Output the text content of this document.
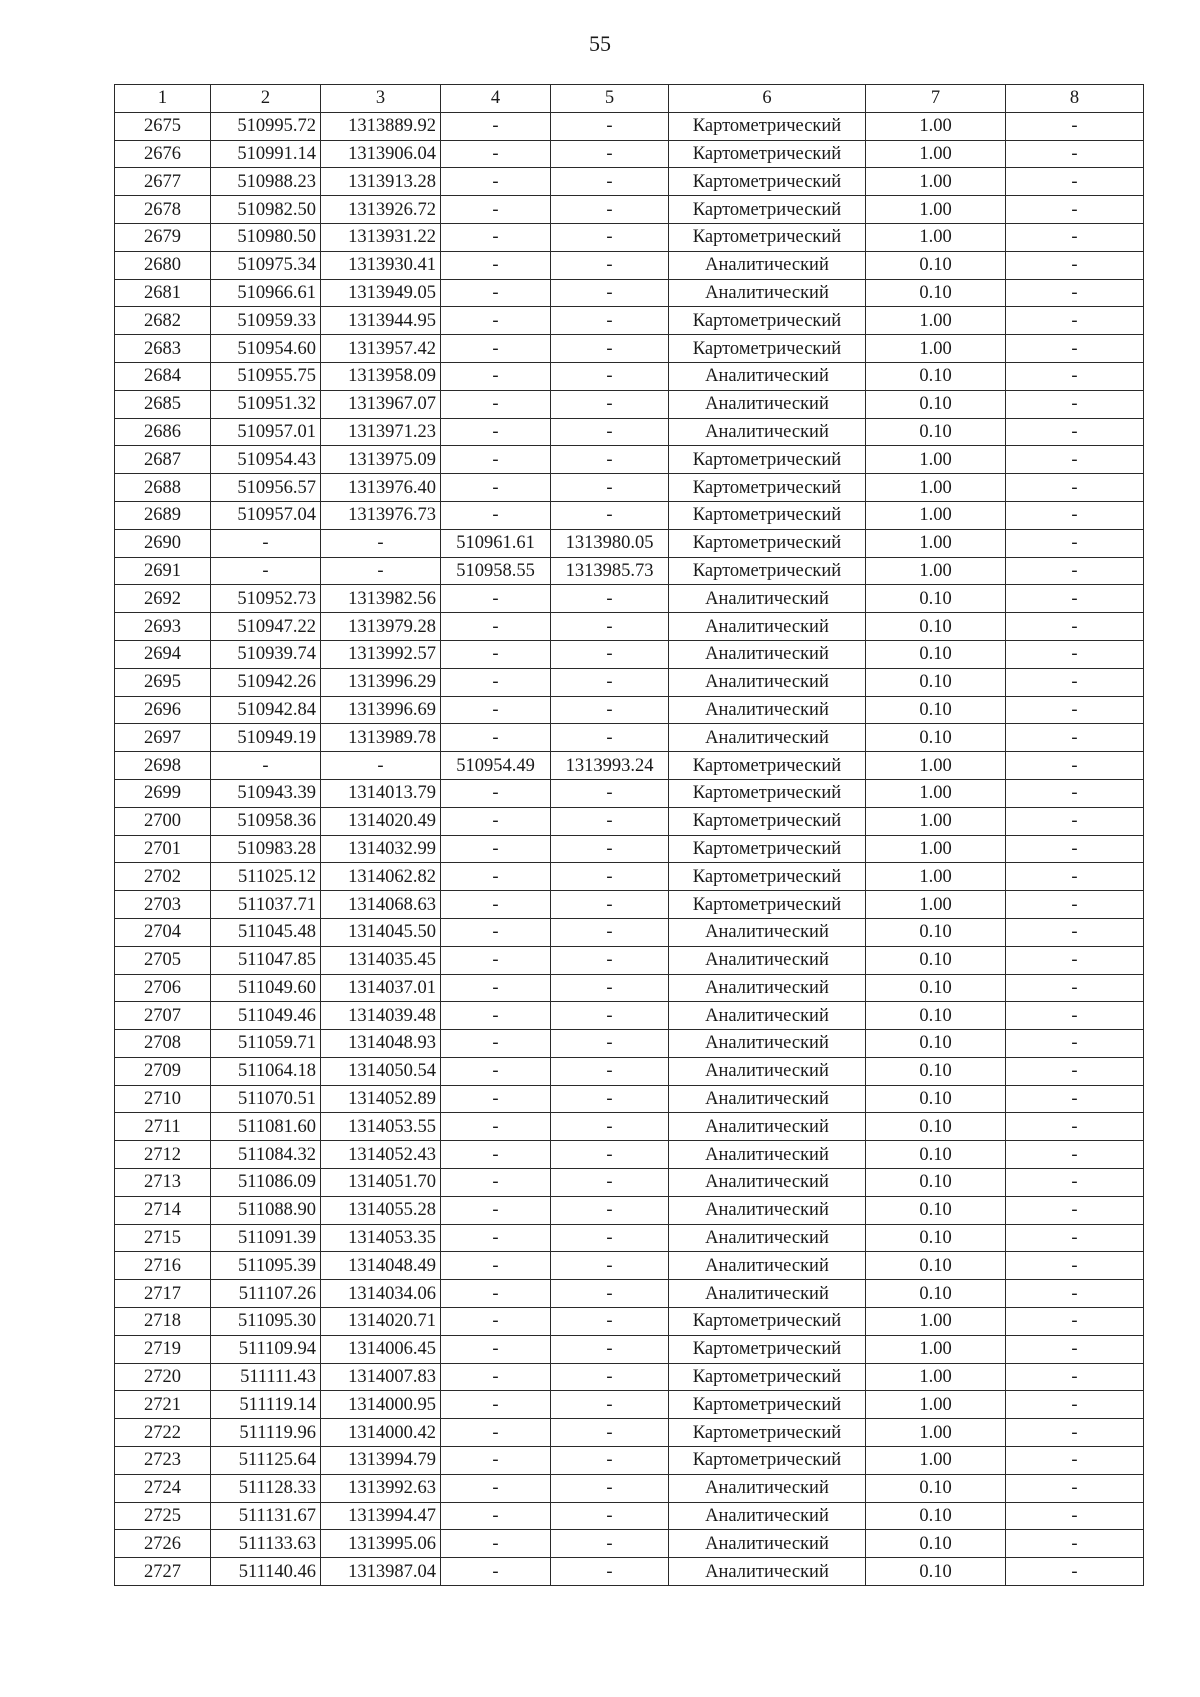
55
1	2	3	4	5	6	7	8
2675	510995.72	1313889.92	-	-	Картометрический	1.00	-
2676	510991.14	1313906.04	-	-	Картометрический	1.00	-
2677	510988.23	1313913.28	-	-	Картометрический	1.00	-
2678	510982.50	1313926.72	-	-	Картометрический	1.00	-
2679	510980.50	1313931.22	-	-	Картометрический	1.00	-
2680	510975.34	1313930.41	-	-	Аналитический	0.10	-
2681	510966.61	1313949.05	-	-	Аналитический	0.10	-
2682	510959.33	1313944.95	-	-	Картометрический	1.00	-
2683	510954.60	1313957.42	-	-	Картометрический	1.00	-
2684	510955.75	1313958.09	-	-	Аналитический	0.10	-
2685	510951.32	1313967.07	-	-	Аналитический	0.10	-
2686	510957.01	1313971.23	-	-	Аналитический	0.10	-
2687	510954.43	1313975.09	-	-	Картометрический	1.00	-
2688	510956.57	1313976.40	-	-	Картометрический	1.00	-
2689	510957.04	1313976.73	-	-	Картометрический	1.00	-
2690	-	-	510961.61	1313980.05	Картометрический	1.00	-
2691	-	-	510958.55	1313985.73	Картометрический	1.00	-
2692	510952.73	1313982.56	-	-	Аналитический	0.10	-
2693	510947.22	1313979.28	-	-	Аналитический	0.10	-
2694	510939.74	1313992.57	-	-	Аналитический	0.10	-
2695	510942.26	1313996.29	-	-	Аналитический	0.10	-
2696	510942.84	1313996.69	-	-	Аналитический	0.10	-
2697	510949.19	1313989.78	-	-	Аналитический	0.10	-
2698	-	-	510954.49	1313993.24	Картометрический	1.00	-
2699	510943.39	1314013.79	-	-	Картометрический	1.00	-
2700	510958.36	1314020.49	-	-	Картометрический	1.00	-
2701	510983.28	1314032.99	-	-	Картометрический	1.00	-
2702	511025.12	1314062.82	-	-	Картометрический	1.00	-
2703	511037.71	1314068.63	-	-	Картометрический	1.00	-
2704	511045.48	1314045.50	-	-	Аналитический	0.10	-
2705	511047.85	1314035.45	-	-	Аналитический	0.10	-
2706	511049.60	1314037.01	-	-	Аналитический	0.10	-
2707	511049.46	1314039.48	-	-	Аналитический	0.10	-
2708	511059.71	1314048.93	-	-	Аналитический	0.10	-
2709	511064.18	1314050.54	-	-	Аналитический	0.10	-
2710	511070.51	1314052.89	-	-	Аналитический	0.10	-
2711	511081.60	1314053.55	-	-	Аналитический	0.10	-
2712	511084.32	1314052.43	-	-	Аналитический	0.10	-
2713	511086.09	1314051.70	-	-	Аналитический	0.10	-
2714	511088.90	1314055.28	-	-	Аналитический	0.10	-
2715	511091.39	1314053.35	-	-	Аналитический	0.10	-
2716	511095.39	1314048.49	-	-	Аналитический	0.10	-
2717	511107.26	1314034.06	-	-	Аналитический	0.10	-
2718	511095.30	1314020.71	-	-	Картометрический	1.00	-
2719	511109.94	1314006.45	-	-	Картометрический	1.00	-
2720	511111.43	1314007.83	-	-	Картометрический	1.00	-
2721	511119.14	1314000.95	-	-	Картометрический	1.00	-
2722	511119.96	1314000.42	-	-	Картометрический	1.00	-
2723	511125.64	1313994.79	-	-	Картометрический	1.00	-
2724	511128.33	1313992.63	-	-	Аналитический	0.10	-
2725	511131.67	1313994.47	-	-	Аналитический	0.10	-
2726	511133.63	1313995.06	-	-	Аналитический	0.10	-
2727	511140.46	1313987.04	-	-	Аналитический	0.10	-
